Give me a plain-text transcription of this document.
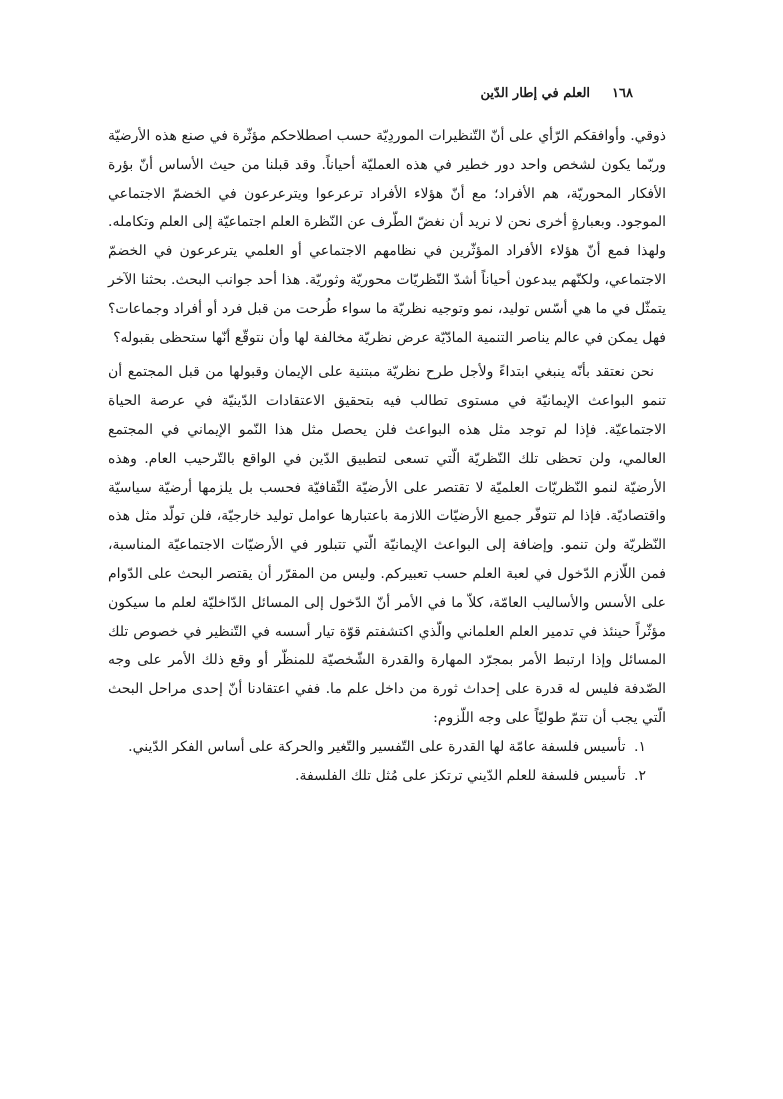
١٦٨
العلم في إطار الدّين

ذوقي. وأوافقكم الرّأي على أنّ التّنظيرات الموردِيّة حسب اصطلاحكم مؤثّرة في صنع هذه الأرضيّة وربّما يكون لشخص واحد دور خطير في هذه العمليّة أحياناً. وقد قبلنا من حيث الأساس أنّ بؤرة الأفكار المحوريّة، هم الأفراد؛ مع أنّ هؤلاء الأفراد ترعرعوا ويترعرعون في الخضمّ الاجتماعي الموجود. وبعبارةٍ أخرى نحن لا نريد أن نغضّ الطّرف عن النّظرة العلم اجتماعيّة إلى العلم وتكامله. ولهذا فمع أنّ هؤلاء الأفراد المؤثّرين في نظامهم الاجتماعي أو العلمي يترعرعون في الخضمّ الاجتماعي، ولكنّهم يبدعون أحياناً أشدّ النّظريّات محوريّة وثوريّة. هذا أحد جوانب البحث. بحثنا الآخر يتمثّل في ما هي أسّس توليد، نمو وتوجيه نظريّة ما سواء طُرحت من قبل فرد أو أفراد وجماعات؟ فهل يمكن في عالم يناصر التنمية المادّيّة عرض نظريّة مخالفة لها وأن نتوقّع أنّها ستحظى بقبوله؟

نحن نعتقد بأنّه ينبغي ابتداءً ولأجل طرح نظريّة مبتنية على الإيمان وقبولها من قبل المجتمع أن تنمو البواعث الإيمانيّة في مستوى تطالب فيه بتحقيق الاعتقادات الدّينيّة في عرصة الحياة الاجتماعيّة. فإذا لم توجد مثل هذه البواعث فلن يحصل مثل هذا النّمو الإيماني في المجتمع العالمي، ولن تحظى تلك النّظريّة الّتي تسعى لتطبيق الدّين في الواقع بالتّرحيب العام. وهذه الأرضيّة لنمو النّظريّات العلميّة لا تقتصر على الأرضيّة الثّقافيّة فحسب بل يلزمها أرضيّة سياسيّة واقتصاديّة. فإذا لم تتوفّر جميع الأرضيّات اللازمة باعتبارها عوامل توليد خارجيّة، فلن تولّد مثل هذه النّظريّة ولن تنمو. وإضافة إلى البواعث الإيمانيّة الّتي تتبلور في الأرضيّات الاجتماعيّة المناسبة، فمن اللّازم الدّخول في لعبة العلم حسب تعبيركم. وليس من المقرّر أن يقتصر البحث على الدّوام على الأسس والأساليب العامّة، كلاّ ما في الأمر أنّ الدّخول إلى المسائل الدّاخليّة لعلم ما سيكون مؤثّراً حينئذ في تدمير العلم العلماني والّذي اكتشفتم قوّة تيار أسسه في التّنظير في خصوص تلك المسائل وإذا ارتبط الأمر بمجرّد المهارة والقدرة الشّخصيّة للمنظّر أو وقع ذلك الأمر على وجه الصّدفة فليس له قدرة على إحداث ثورة من داخل علم ما. ففي اعتقادنا أنّ إحدى مراحل البحث الّتي يجب أن تتمّ طوليّاً على وجه اللّزوم:

١. تأسيس فلسفة عامّة لها القدرة على التّفسير والتّغير والحركة على أساس الفكر الدّيني.
٢. تأسيس فلسفة للعلم الدّيني ترتكز على مُثل تلك الفلسفة.
